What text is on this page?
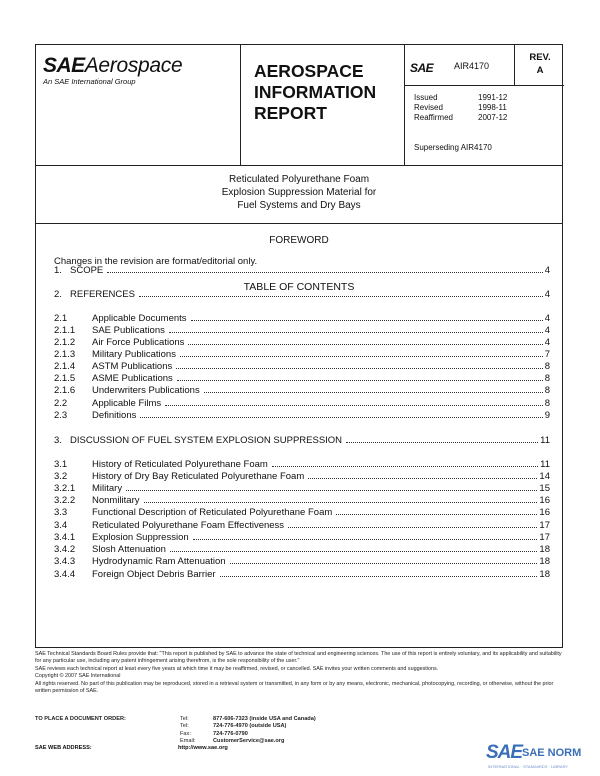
SAEAerospace
An SAE International Group
AEROSPACE
INFORMATION
REPORT
SAE AIR4170
REV.
A
Issued	1991-12
Revised	1998-11
Reaffirmed	2007-12
Superseding AIR4170
Reticulated Polyurethane Foam
Explosion Suppression Material for
Fuel Systems and Dry Bays
FOREWORD
Changes in the revision are format/editorial only.
TABLE OF CONTENTS
1. SCOPE	4
2. REFERENCES	4
2.1	Applicable Documents	4
2.1.1	SAE Publications	4
2.1.2	Air Force Publications	4
2.1.3	Military Publications	7
2.1.4	ASTM Publications	8
2.1.5	ASME Publications	8
2.1.6	Underwriters Publications	8
2.2	Applicable Films	8
2.3	Definitions	9
3. DISCUSSION OF FUEL SYSTEM EXPLOSION SUPPRESSION	11
3.1	History of Reticulated Polyurethane Foam	11
3.2	History of Dry Bay Reticulated Polyurethane Foam	14
3.2.1	Military	15
3.2.2	Nonmilitary	16
3.3	Functional Description of Reticulated Polyurethane Foam	16
3.4	Reticulated Polyurethane Foam Effectiveness	17
3.4.1	Explosion Suppression	17
3.4.2	Slosh Attenuation	18
3.4.3	Hydrodynamic Ram Attenuation	18
3.4.4	Foreign Object Debris Barrier	18

SAE Technical Standards Board Rules provide that: "This report is published by SAE to advance the state of technical and engineering sciences. The use of this report is entirely voluntary, and its applicability and suitability for any particular use, including any patent infringement arising therefrom, is the sole responsibility of the user."

SAE reviews each technical report at least every five years at which time it may be reaffirmed, revised, or cancelled. SAE invites your written comments and suggestions.

Copyright © 2007 SAE International

All rights reserved. No part of this publication may be reproduced, stored in a retrieval system or transmitted, in any form or by any means, electronic, mechanical, photocopying, recording, or otherwise, without the prior written permission of SAE.

TO PLACE A DOCUMENT ORDER:	Tel:	877-606-7323 (inside USA and Canada)
Tel:	724-776-4970 (outside USA)
Fax:	724-776-0790
Email:	CustomerService@sae.org
SAE WEB ADDRESS:	http://www.sae.org	SAE SAE NORM
INTERNATIONAL · STANDARDS · LIBRARY
